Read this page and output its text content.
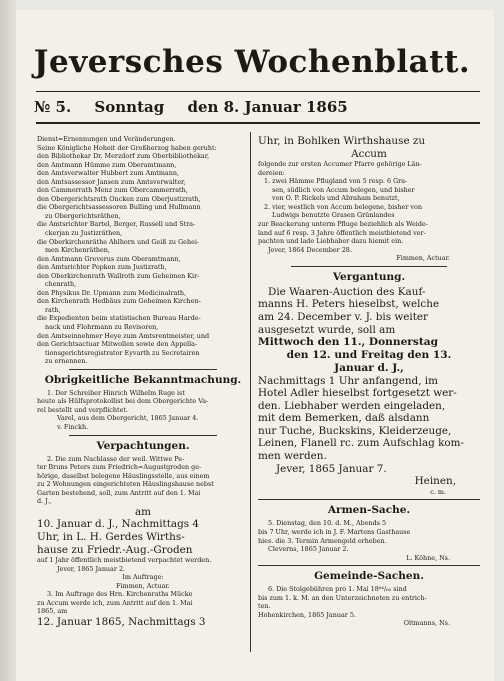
Jeversches Wochenblatt.
№ 5. Sonntag den 8. Januar 1865
Dienst=Ernennungen und Veränderungen.
Seine Königliche Hoheit der Großherzog haben geruht:
den Bibliothekar Dr. Merzdorf zum Oberbibliothekar,
den Amtmann Hümme zum Oberamtmann,
den Amtsverwalter Hubbert zum Amtmann,
den Amtsassessor Jansen zum Amtsverwalter,
den Cammerrath Menz zum Obercammerrath,
den Obergerichtsrath Oncken zum Oberjustizrath,
die Obergerichtsassessoren Bulling und Hullmann
zu Obergerichtsräthen,
die Amtsrichter Bartel, Berger, Russell und Stra-
ckerjan zu Justizräthen,
die Oberkirchenräthe Ahlhorn und Geiß zu Gehei-
men Kirchenräthen,
den Amtmann Greverus zum Oberamtmann,
den Amtsrichter Popken zum Justizrath,
den Oberkirchenrath Wallroth zum Geheimen Kir-
chenrath,
den Physikus Dr. Upmann zum Medicinalrath,
den Kirchenrath Hedbäus zum Geheimen Kirchen-
rath,
die Expedienten beim statistischen Bureau Harde-
nack und Flohrmann zu Revisoren,
den Amtseinnehmer Heye zum Amtsrentmeister, und
den Gerichtsactuar Mitwollen sowie den Appella-
tionsgerichtsregistrator Eyvarth zu Secretairen
zu ernennen.
Obrigkeitliche Bekanntmachung.
1. Der Schreiber Hinrich Wilhelm Ruge ist
heute als Hülfsprotokollist bei dem Obergerichte Va-
rel bestellt und verpflichtet.
Varel, aus dem Obergericht, 1865 Januar 4.
v. Finckh.
Verpachtungen.
2. Die zum Nachlasse der weil. Wittwe Pe-
ter Bruns Peters zum Friedrich=Augustgroden ge-
hörige, daselbst belegene Häuslingsstelle, aus einem
zu 2 Wohnungen eingerichteten Häuslingshause nebst
Garten bestehend, soll, zum Antritt auf den 1. Mai
d. J.,
am
10. Januar d. J., Nachmittags 4
Uhr, in L. H. Gerdes Wirths-
hause zu Friedr.-Aug.-Groden
auf 1 Jahr öffentlich meistbietend verpachtet werden.
Jever, 1865 Januar 2.
Im Auftrage:
Fimmen, Actuar.
3. Im Auftrage des Hrn. Kirchenraths Mücke
zu Accum werde ich, zum Antritt auf den 1. Mai
1865, am
12. Januar 1865, Nachmittags 3
Uhr, in Bohlken Wirthshause zu
Accum
folgende zur ersten Accumer Pfarre gehörige Län-
dereien:
1. zwei Hämme Pflugland von 5 resp. 6 Gra-
sen, südlich von Accum belegen, und bisher
von O. P. Rickels und Abraham benutzt,
2. vier, westlich von Accum belegene, bisher von
Ludwigs benutzte Grasen Grünlandes
zur Beackerung unterm Pfluge beziehlich als Weide-
land auf 6 resp. 3 Jahre öffentlich meistbietend ver-
pachten und lade Liebhaber dazu hiemit ein.
Jever, 1864 December 28.
Fimmen, Actuar.
Vergantung.
Die Waaren-Auction des Kauf-
manns H. Peters hieselbst, welche
am 24. December v. J. bis weiter
ausgesetzt wurde, soll am
Mittwoch den 11., Donnerstag
den 12. und Freitag den 13.
Januar d. J.,
Nachmittags 1 Uhr anfangend, im
Hotel Adler hieselbst fortgesetzt wer-
den. Liebhaber werden eingeladen,
mit dem Bemerken, daß alsdann
nur Tuche, Buckskins, Kleiderzeuge,
Leinen, Flanell rc. zum Aufschlag kom-
men werden.
Jever, 1865 Januar 7.
Heinen,
c. m.
Armen-Sache.
5. Dienstag, den 10. d. M., Abends 5
bis 7 Uhr, werde ich in J. F. Martens Gasthause
hies. die 3. Termin Armengeld erheben.
Cleverns, 1865 Januar 2.
L. Köhne, Ns.
Gemeinde-Sachen.
6. Die Stolgebühren pro 1. Mai 18⁶⁴/₆₅ sind
bis zum 1. k. M. an den Unterzeichneten zu entrich-
ten.
Hohenkirchen, 1865 Januar 5.
Oltmanns, Ns.
